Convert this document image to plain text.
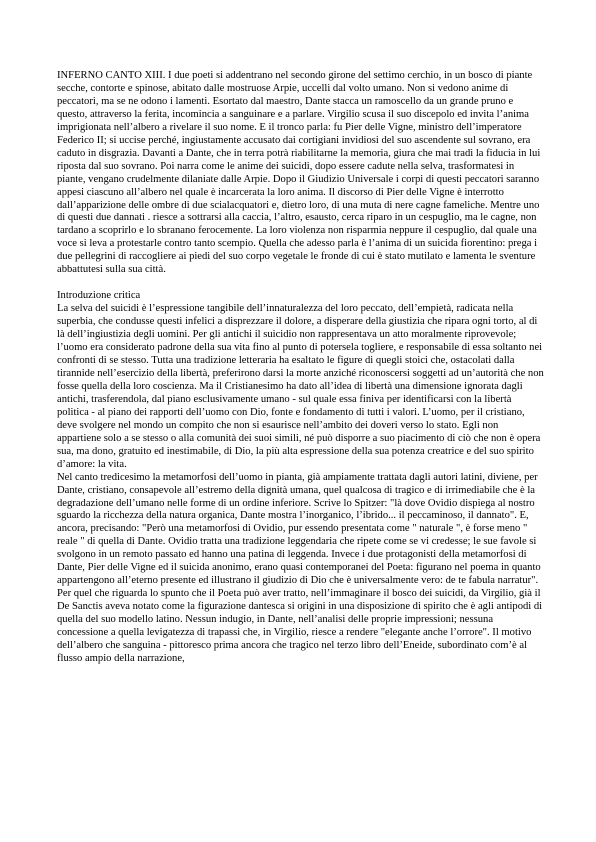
INFERNO CANTO XIII. I due poeti si addentrano nel secondo girone del settimo cerchio, in un bosco di piante secche, contorte e spinose, abitato dalle mostruose Arpie, uccelli dal volto umano. Non si vedono anime di peccatori, ma se ne odono i lamenti. Esortato dal maestro, Dante stacca un ramoscello da un grande pruno e questo, attraverso la ferita, incomincia a sanguinare e a parlare. Virgilio scusa il suo discepolo ed invita l’anima imprigionata nell’albero a rivelare il suo nome. E il tronco parla: fu Pier delle Vigne, ministro dell’imperatore Federico II; si uccise perché, ingiustamente accusato dai cortigiani invidiosi del suo ascendente sul sovrano, era caduto in disgrazia. Davanti a Dante, che in terra potrà riabilitarne la memoria, giura che mai tradì la fiducia in lui riposta dal suo sovrano. Poi narra come le anime dei suicidi, dopo essere cadute nella selva, trasformatesi in piante, vengano crudelmente dilaniate dalle Arpie. Dopo il Giudizio Universale i corpi di questi peccatori saranno appesi ciascuno all’albero nel quale è incarcerata la loro anima. Il discorso di Pier delle Vigne è interrotto dall’apparizione delle ombre di due scialacquatori e, dietro loro, di una muta di nere cagne fameliche. Mentre uno di questi due dannati . riesce a sottrarsi alla caccia, l’altro, esausto, cerca riparo in un cespuglio, ma le cagne, non tardano a scoprirlo e lo sbranano ferocemente. La loro violenza non risparmia neppure il cespuglio, dal quale una voce si leva a protestarle contro tanto scempio. Quella che adesso parla è l’anima di un suicida fiorentino: prega i due pellegrini di raccogliere ai piedi del suo corpo vegetale le fronde di cui è stato mutilato e lamenta le sventure abbattutesi sulla sua città.

Introduzione critica

La selva del suicidi è l’espressione tangibile dell’innaturalezza del loro peccato, dell’empietà, radicata nella superbia, che condusse questi infelici a disprezzare il dolore, a disperare della giustizia che ripara ogni torto, al di là dell’ingiustizia degli uomini. Per gli antichi il suicidio non rappresentava un atto moralmente riprovevole; l’uomo era considerato padrone della sua vita fino al punto di potersela togliere, e responsabile di essa soltanto nei confronti di se stesso. Tutta una tradizione letteraria ha esaltato le figure di quegli stoici che, ostacolati dalla tirannide nell’esercizio della libertà, preferirono darsi la morte anziché riconoscersi soggetti ad un’autorità che non fosse quella della loro coscienza. Ma il Cristianesimo ha dato all’idea di libertà una dimensione ignorata dagli antichi, trasferendola, dal piano esclusivamente umano - sul quale essa finiva per identificarsi con la libertà politica - al piano dei rapporti dell’uomo con Dio, fonte e fondamento di tutti i valori. L’uomo, per il cristiano, deve svolgere nel mondo un compito che non si esaurisce nell’ambito dei doveri verso lo stato. Egli non appartiene solo a se stesso o alla comunità dei suoi simili, né può disporre a suo piacimento di ciò che non è opera sua, ma dono, gratuito ed inestimabile, di Dio, la più alta espressione della sua potenza creatrice e del suo spirito d’amore: la vita.

Nel canto tredicesimo la metamorfosi dell’uomo in pianta, già ampiamente trattata dagli autori latini, diviene, per Dante, cristiano, consapevole all’estremo della dignità umana, quel qualcosa di tragico e di irrimediabile che è la degradazione dell’umano nelle forme di un ordine inferiore. Scrive lo Spitzer: "là dove Ovidio dispiega al nostro sguardo la ricchezza della natura organica, Dante mostra l’inorganico, l’ibrido... il peccaminoso, il dannato". E, ancora, precisando: "Però una metamorfosi di Ovidio, pur essendo presentata come " naturale ", è forse meno " reale " di quella di Dante. Ovidio tratta una tradizione leggendaria che ripete come se vi credesse; le sue favole si svolgono in un remoto passato ed hanno una patina di leggenda. Invece i due protagonisti della metamorfosi di Dante, Pier delle Vigne ed il suicida anonimo, erano quasi contemporanei del Poeta: figurano nel poema in quanto appartengono all’eterno presente ed illustrano il giudizio di Dio che è universalmente vero: de te fabula narratur".

Per quel che riguarda lo spunto che il Poeta può aver tratto, nell’immaginare il bosco dei suicidi, da Virgilio, già il De Sanctis aveva notato come la figurazione dantesca si origini in una disposizione di spirito che è agli antipodi di quella del suo modello latino. Nessun indugio, in Dante, nell’analisi delle proprie impressioni; nessuna concessione a quella levigatezza di trapassi che, in Virgilio, riesce a rendere "elegante anche l’orrore". Il motivo dell’albero che sanguina - pittoresco prima ancora che tragico nel terzo libro dell’Eneide, subordinato com’è al flusso ampio della narrazione,
